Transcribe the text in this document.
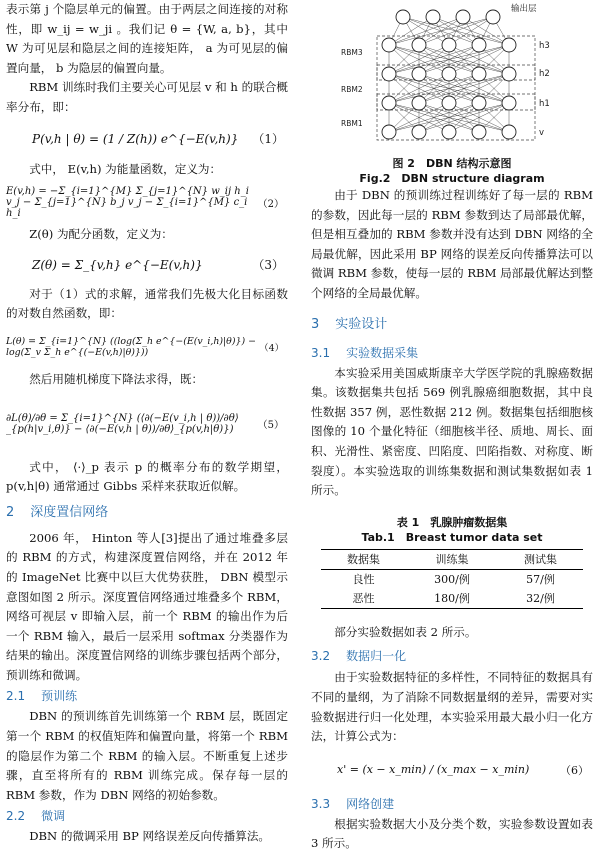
表示第 j 个隐层单元的偏置。由于两层之间连接的对称性，即 w_ij = w_ji 。我们记 θ = {W, a, b}，其中 W 为可见层和隐层之间的连接矩阵， a 为可见层的偏置向量， b 为隐层的偏置向量。

RBM 训练时我们主要关心可见层 v 和 h 的联合概率分布，即：

P(v,h | θ) = (1 / Z(h)) e^{−E(v,h)} （1）

式中， E(v,h) 为能量函数，定义为：

E(v,h) = −Σ_{i=1}^{M} Σ_{j=1}^{N} w_ij h_i v_j − Σ_{j=1}^{N} b_j v_j − Σ_{i=1}^{M} c_i h_i
（2）

Z(θ) 为配分函数，定义为：

Z(θ) = Σ_{v,h} e^{−E(v,h)}	（3）

对于（1）式的求解，通常我们先极大化目标函数的对数自然函数，即：

L(θ) = Σ_{i=1}^{N} ((log(Σ_h e^{−(E(v_i,h)|θ)}) − log(Σ_v Σ_h e^{(−E(v,h)|θ)}))	（4）

然后用随机梯度下降法求得，既：

∂L(θ)/∂θ = Σ_{i=1}^{N} (⟨∂(−E(v_i,h | θ))/∂θ⟩_{p(h|v_i,θ)} − ⟨∂(−E(v,h | θ))/∂θ⟩_{p(v,h|θ)})	（5）

式中， ⟨·⟩_p 表示 p 的概率分布的数学期望， p(v,h|θ) 通常通过 Gibbs 采样来获取近似解。

2 深度置信网络

2006 年， Hinton 等人[3]提出了通过堆叠多层的 RBM 的方式，构建深度置信网络，并在 2012 年的 ImageNet 比赛中以巨大优势获胜， DBN 模型示意图如图 2 所示。深度置信网络通过堆叠多个 RBM，网络可视层 v 即输入层，前一个 RBM 的输出作为后一个 RBM 输入，最后一层采用 softmax 分类器作为结果的输出。深度置信网络的训练步骤包括两个部分，预训练和微调。

2.1 预训练

DBN 的预训练首先训练第一个 RBM 层，既固定第一个 RBM 的权值矩阵和偏置向量，将第一个 RBM 的隐层作为第二个 RBM 的输入层。不断重复上述步骤，直至将所有的 RBM 训练完成。保存每一层的 RBM 参数，作为 DBN 网络的初始参数。

2.2 微调

DBN 的微调采用 BP 网络误差反向传播算法。

输出层
h3
h2
h1
v
RBM3
RBM2
RBM1
图 2　DBN 结构示意图
Fig.2　DBN structure diagram

由于 DBN 的预训练过程训练好了每一层的 RBM 的参数，因此每一层的 RBM 参数到达了局部最优解，但是相互叠加的 RBM 参数并没有达到 DBN 网络的全局最优解，因此采用 BP 网络的误差反向传播算法可以微调 RBM 参数，使每一层的 RBM 局部最优解达到整个网络的全局最优解。

3 实验设计
3.1 实验数据采集

本实验采用美国威斯康辛大学医学院的乳腺癌数据集。该数据集共包括 569 例乳腺癌细胞数据，其中良性数据 357 例，恶性数据 212 例。数据集包括细胞核图像的 10 个量化特征（细胞核半径、质地、周长、面积、光滑性、紧密度、凹陷度、凹陷指数、对称度、断裂度）。本实验选取的训练集数据和测试集数据如表 1 所示。

表 1　乳腺肿瘤数据集
Tab.1　Breast tumor data set
数据集	训练集	测试集
良性	300/例	57/例
恶性	180/例	32/例

部分实验数据如表 2 所示。

3.2 数据归一化

由于实验数据特征的多样性，不同特征的数据具有不同的量纲，为了消除不同数据量纲的差异，需要对实验数据进行归一化处理，本实验采用最大最小归一化方法，计算公式为：

x' = (x − x_min) / (x_max − x_min)	（6）
3.3 网络创建

根据实验数据大小及分类个数，实验参数设置如表 3 所示。
